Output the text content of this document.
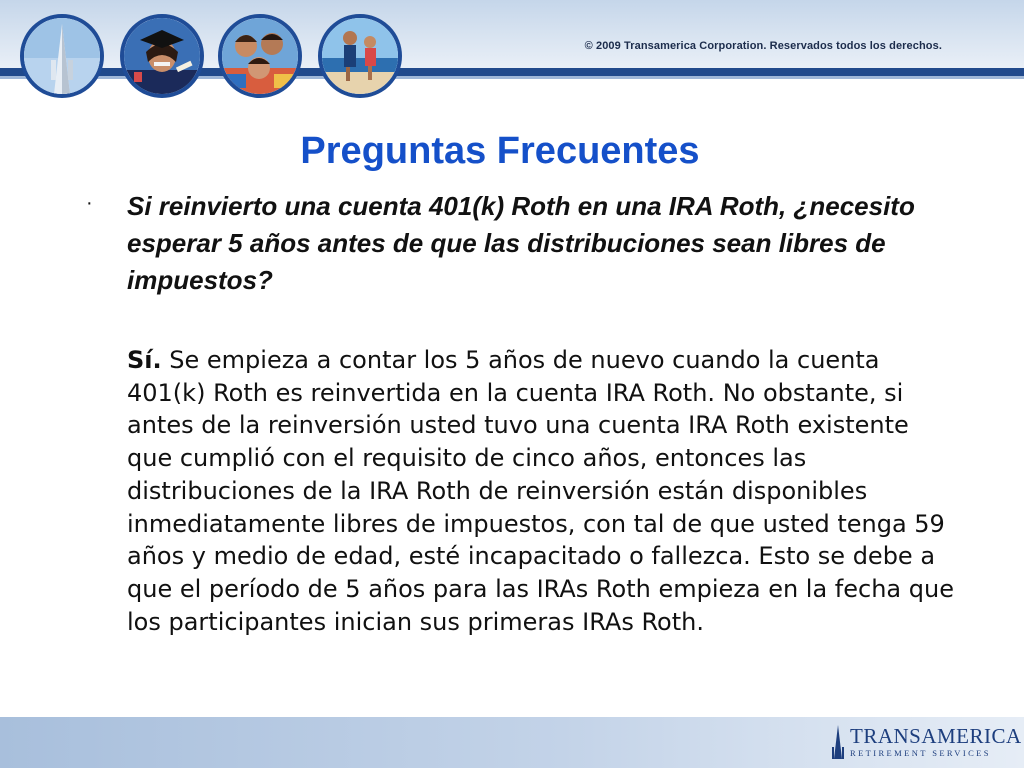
© 2009 Transamerica Corporation. Reservados todos los derechos.
Preguntas Frecuentes
· Si reinvierto una cuenta 401(k) Roth en una IRA Roth, ¿necesito esperar 5 años antes de que las distribuciones sean libres de impuestos?

Sí. Se empieza a contar los 5 años de nuevo cuando la cuenta 401(k) Roth es reinvertida en la cuenta IRA Roth. No obstante, si antes de la reinversión usted tuvo una cuenta IRA Roth existente que cumplió con el requisito de cinco años, entonces las distribuciones de la IRA Roth de reinversión están disponibles inmediatamente libres de impuestos, con tal de que usted tenga 59 años y medio de edad, esté incapacitado o fallezca. Esto se debe a que el período de 5 años para las IRAs Roth empieza en la fecha que los participantes inician sus primeras IRAs Roth.

TRANSAMERICA
RETIREMENT SERVICES
